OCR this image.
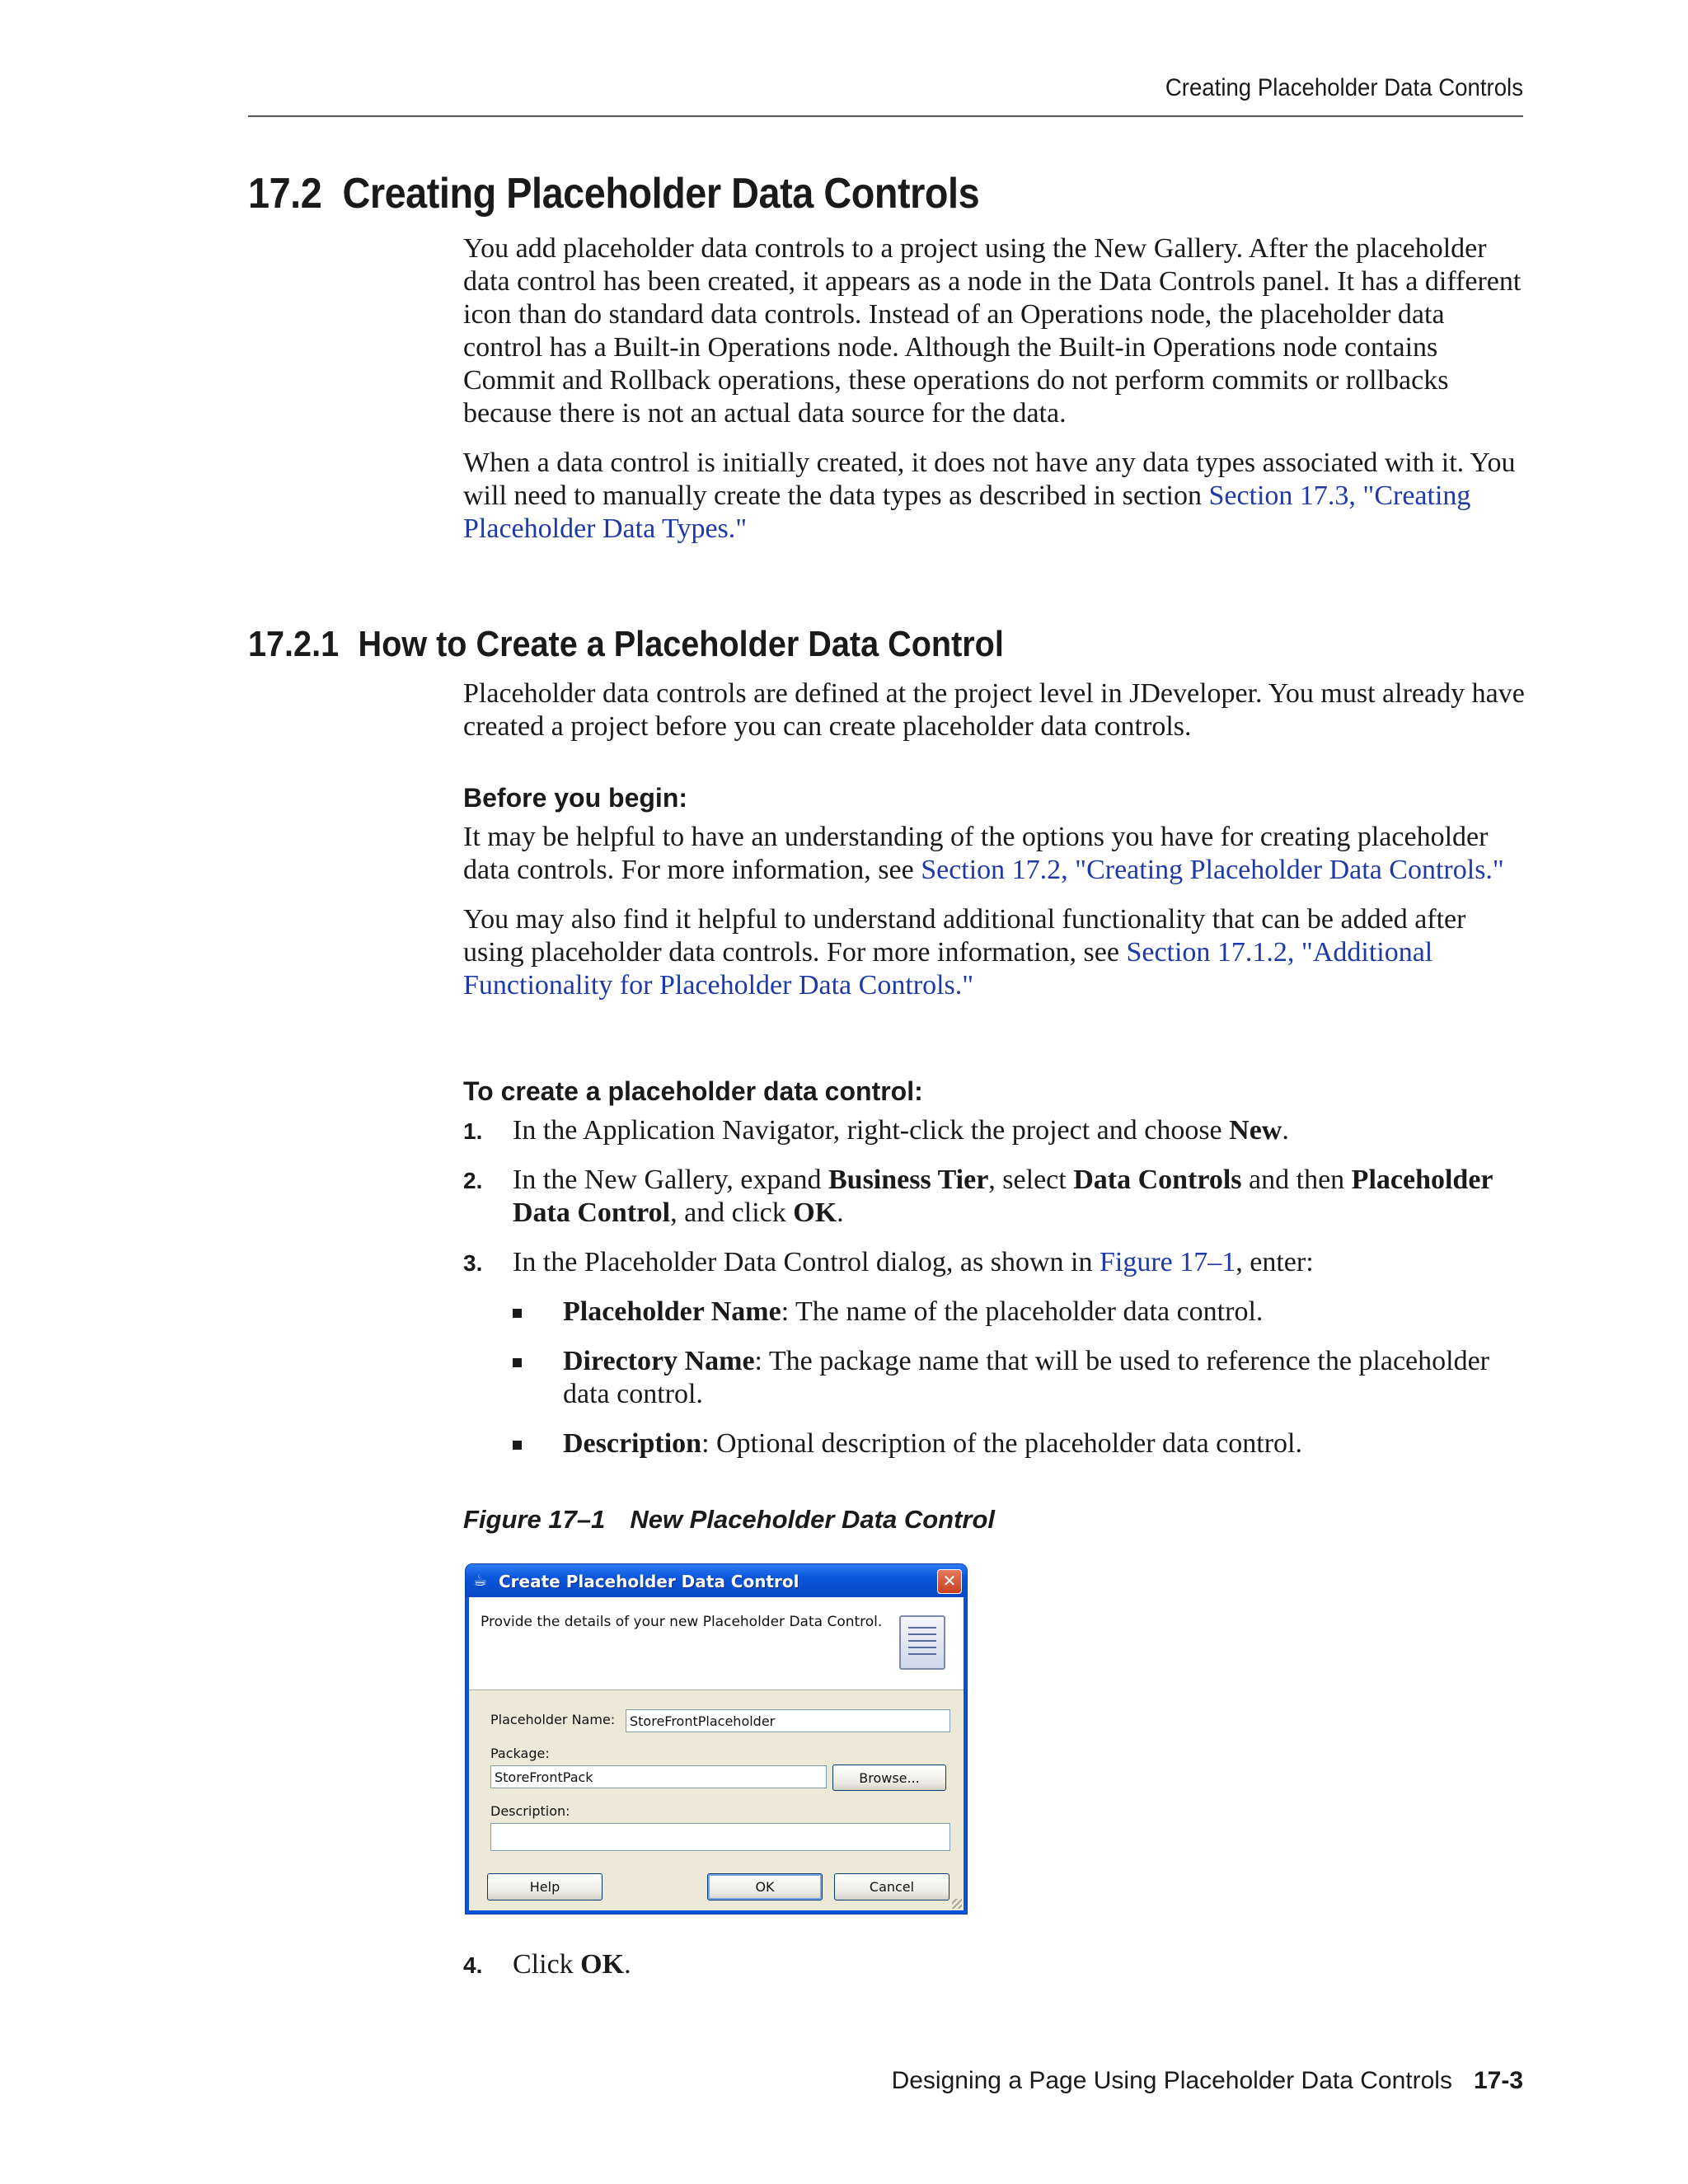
Creating Placeholder Data Controls
17.2 Creating Placeholder Data Controls

You add placeholder data controls to a project using the New Gallery. After the placeholder data control has been created, it appears as a node in the Data Controls panel. It has a different icon than do standard data controls. Instead of an Operations node, the placeholder data control has a Built-in Operations node. Although the Built-in Operations node contains Commit and Rollback operations, these operations do not perform commits or rollbacks because there is not an actual data source for the data.

When a data control is initially created, it does not have any data types associated with it. You will need to manually create the data types as described in section Section 17.3, "Creating Placeholder Data Types."

17.2.1 How to Create a Placeholder Data Control

Placeholder data controls are defined at the project level in JDeveloper. You must already have created a project before you can create placeholder data controls.

Before you begin:

It may be helpful to have an understanding of the options you have for creating placeholder data controls. For more information, see Section 17.2, "Creating Placeholder Data Controls."

You may also find it helpful to understand additional functionality that can be added after using placeholder data controls. For more information, see Section 17.1.2, "Additional Functionality for Placeholder Data Controls."

To create a placeholder data control:

1. In the Application Navigator, right-click the project and choose New.
2. In the New Gallery, expand Business Tier, select Data Controls and then Placeholder Data Control, and click OK.
3. In the Placeholder Data Control dialog, as shown in Figure 17–1, enter:
Placeholder Name: The name of the placeholder data control.
Directory Name: The package name that will be used to reference the placeholder data control.
Description: Optional description of the placeholder data control.
Figure 17–1 New Placeholder Data Control
☕ Create Placeholder Data Control	✕
Provide the details of your new Placeholder Data Control.
Placeholder Name:	StoreFrontPlaceholder
Package:
StoreFrontPack	Browse...
Description:
Help	OK	Cancel
4. Click OK.
Designing a Page Using Placeholder Data Controls 17-3
